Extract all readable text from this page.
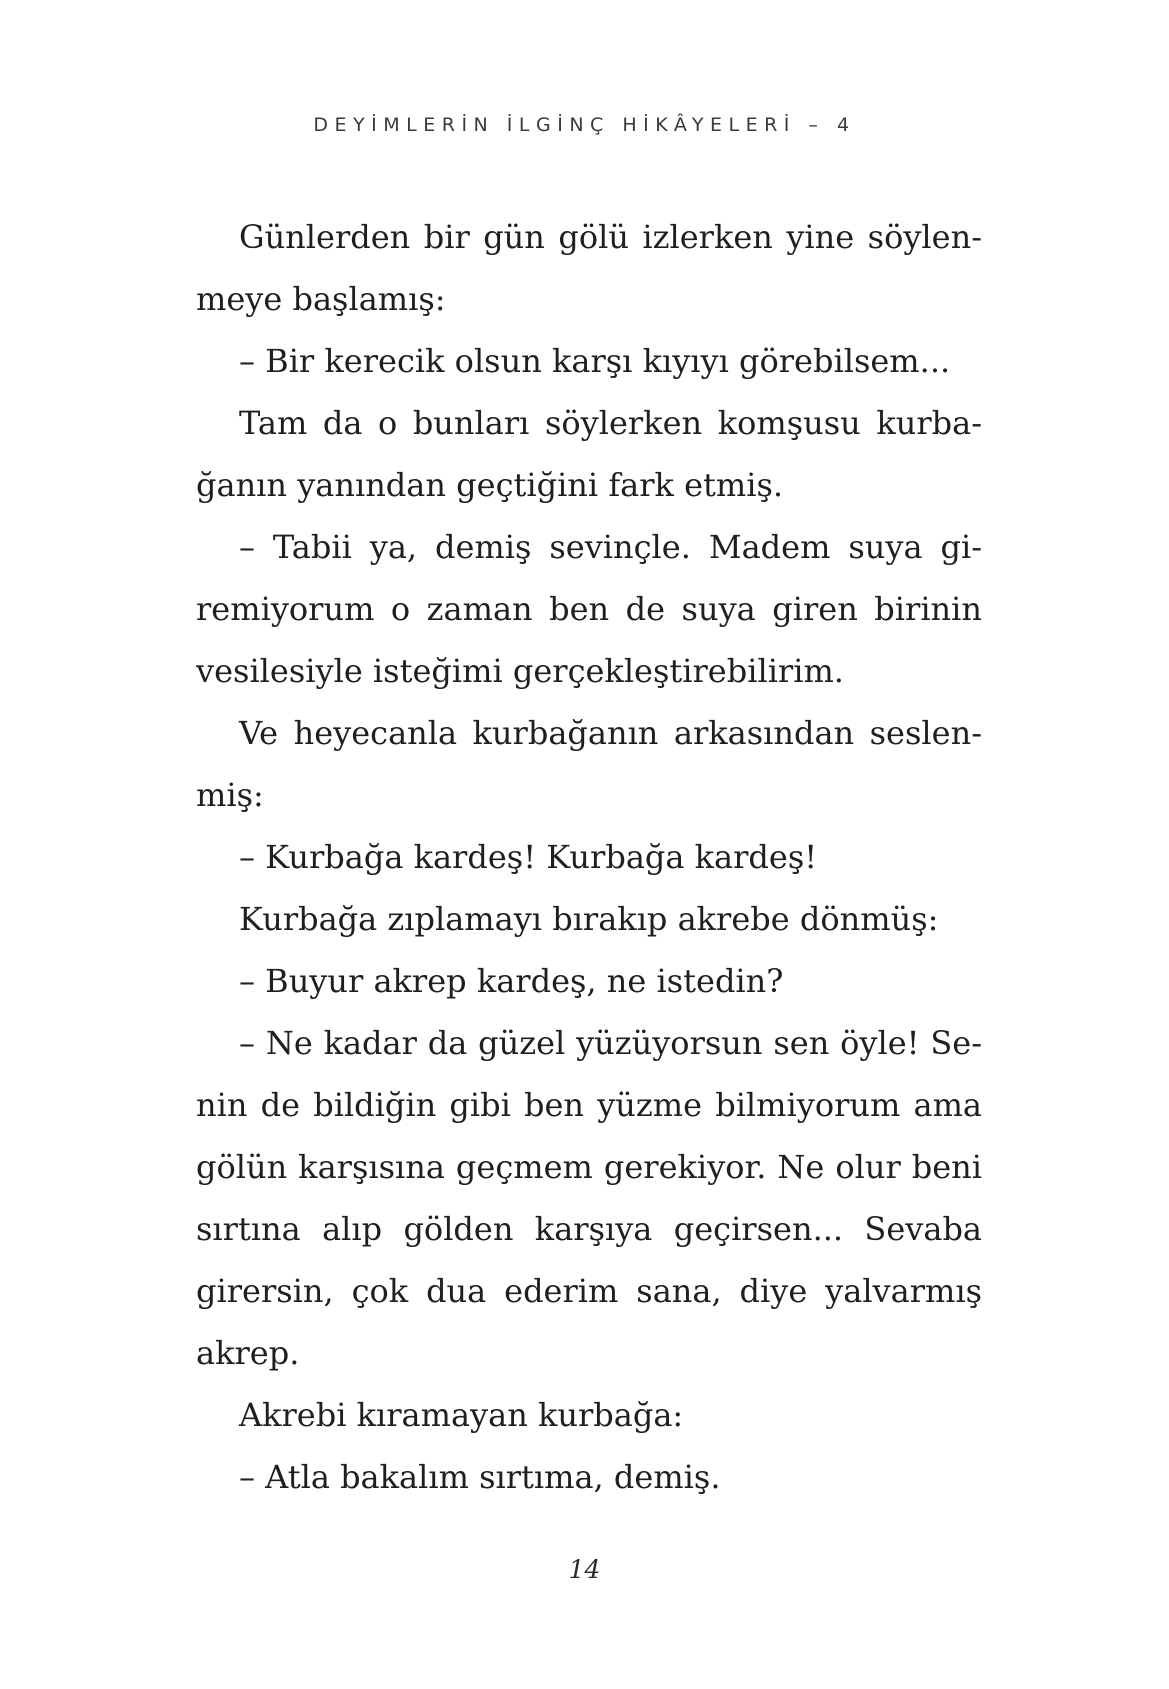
DEYİMLERİN İLGİNÇ HİKÂYELERİ – 4

Günlerden bir gün gölü izlerken yine söylenmeye başlamış:

– Bir kerecik olsun karşı kıyıyı görebilsem...

Tam da o bunları söylerken komşusu kurbağanın yanından geçtiğini fark etmiş.

– Tabii ya, demiş sevinçle. Madem suya giremiyorum o zaman ben de suya giren birinin vesilesiyle isteğimi gerçekleştirebilirim.

Ve heyecanla kurbağanın arkasından seslenmiş:

– Kurbağa kardeş! Kurbağa kardeş!

Kurbağa zıplamayı bırakıp akrebe dönmüş:

– Buyur akrep kardeş, ne istedin?

– Ne kadar da güzel yüzüyorsun sen öyle! Senin de bildiğin gibi ben yüzme bilmiyorum ama gölün karşısına geçmem gerekiyor. Ne olur beni sırtına alıp gölden karşıya geçirsen... Sevaba girersin, çok dua ederim sana, diye yalvarmış akrep.

Akrebi kıramayan kurbağa:

– Atla bakalım sırtıma, demiş.

14
